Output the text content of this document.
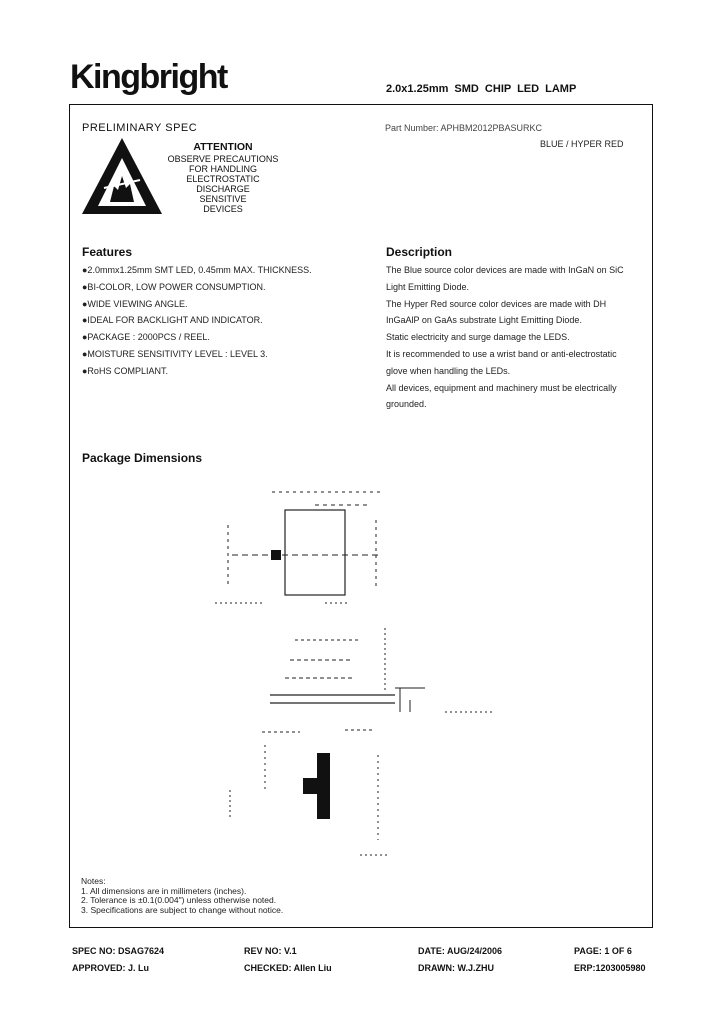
Kingbright	2.0x1.25mm SMD CHIP LED LAMP
PRELIMINARY SPEC	Part Number: APHBM2012PBASURKC
BLUE / HYPER RED
ATTENTION
OBSERVE PRECAUTIONS
FOR HANDLING
ELECTROSTATIC
DISCHARGE
SENSITIVE
DEVICES
Features
●2.0mmx1.25mm SMT LED, 0.45mm MAX. THICKNESS.
●BI-COLOR, LOW POWER CONSUMPTION.
●WIDE VIEWING ANGLE.
●IDEAL FOR BACKLIGHT AND INDICATOR.
●PACKAGE : 2000PCS / REEL.
●MOISTURE SENSITIVITY LEVEL : LEVEL 3.
●RoHS COMPLIANT.
Description
The Blue source color devices are made with InGaN on SiC
Light Emitting Diode.
The Hyper Red source color devices are made with DH
InGaAlP on GaAs substrate Light Emitting Diode.
Static electricity and surge damage the LEDS.
It is recommended to use a wrist band or anti-electrostatic
glove when handling the LEDs.
All devices, equipment and machinery must be electrically
grounded.
Package Dimensions
Notes:
1. All dimensions are in millimeters (inches).
2. Tolerance is ±0.1(0.004") unless otherwise noted.
3. Specifications are subject to change without notice.
SPEC NO: DSAG7624	REV NO: V.1	DATE: AUG/24/2006	PAGE: 1 OF 6
APPROVED: J. Lu	CHECKED: Allen Liu	DRAWN: W.J.ZHU	ERP:1203005980
